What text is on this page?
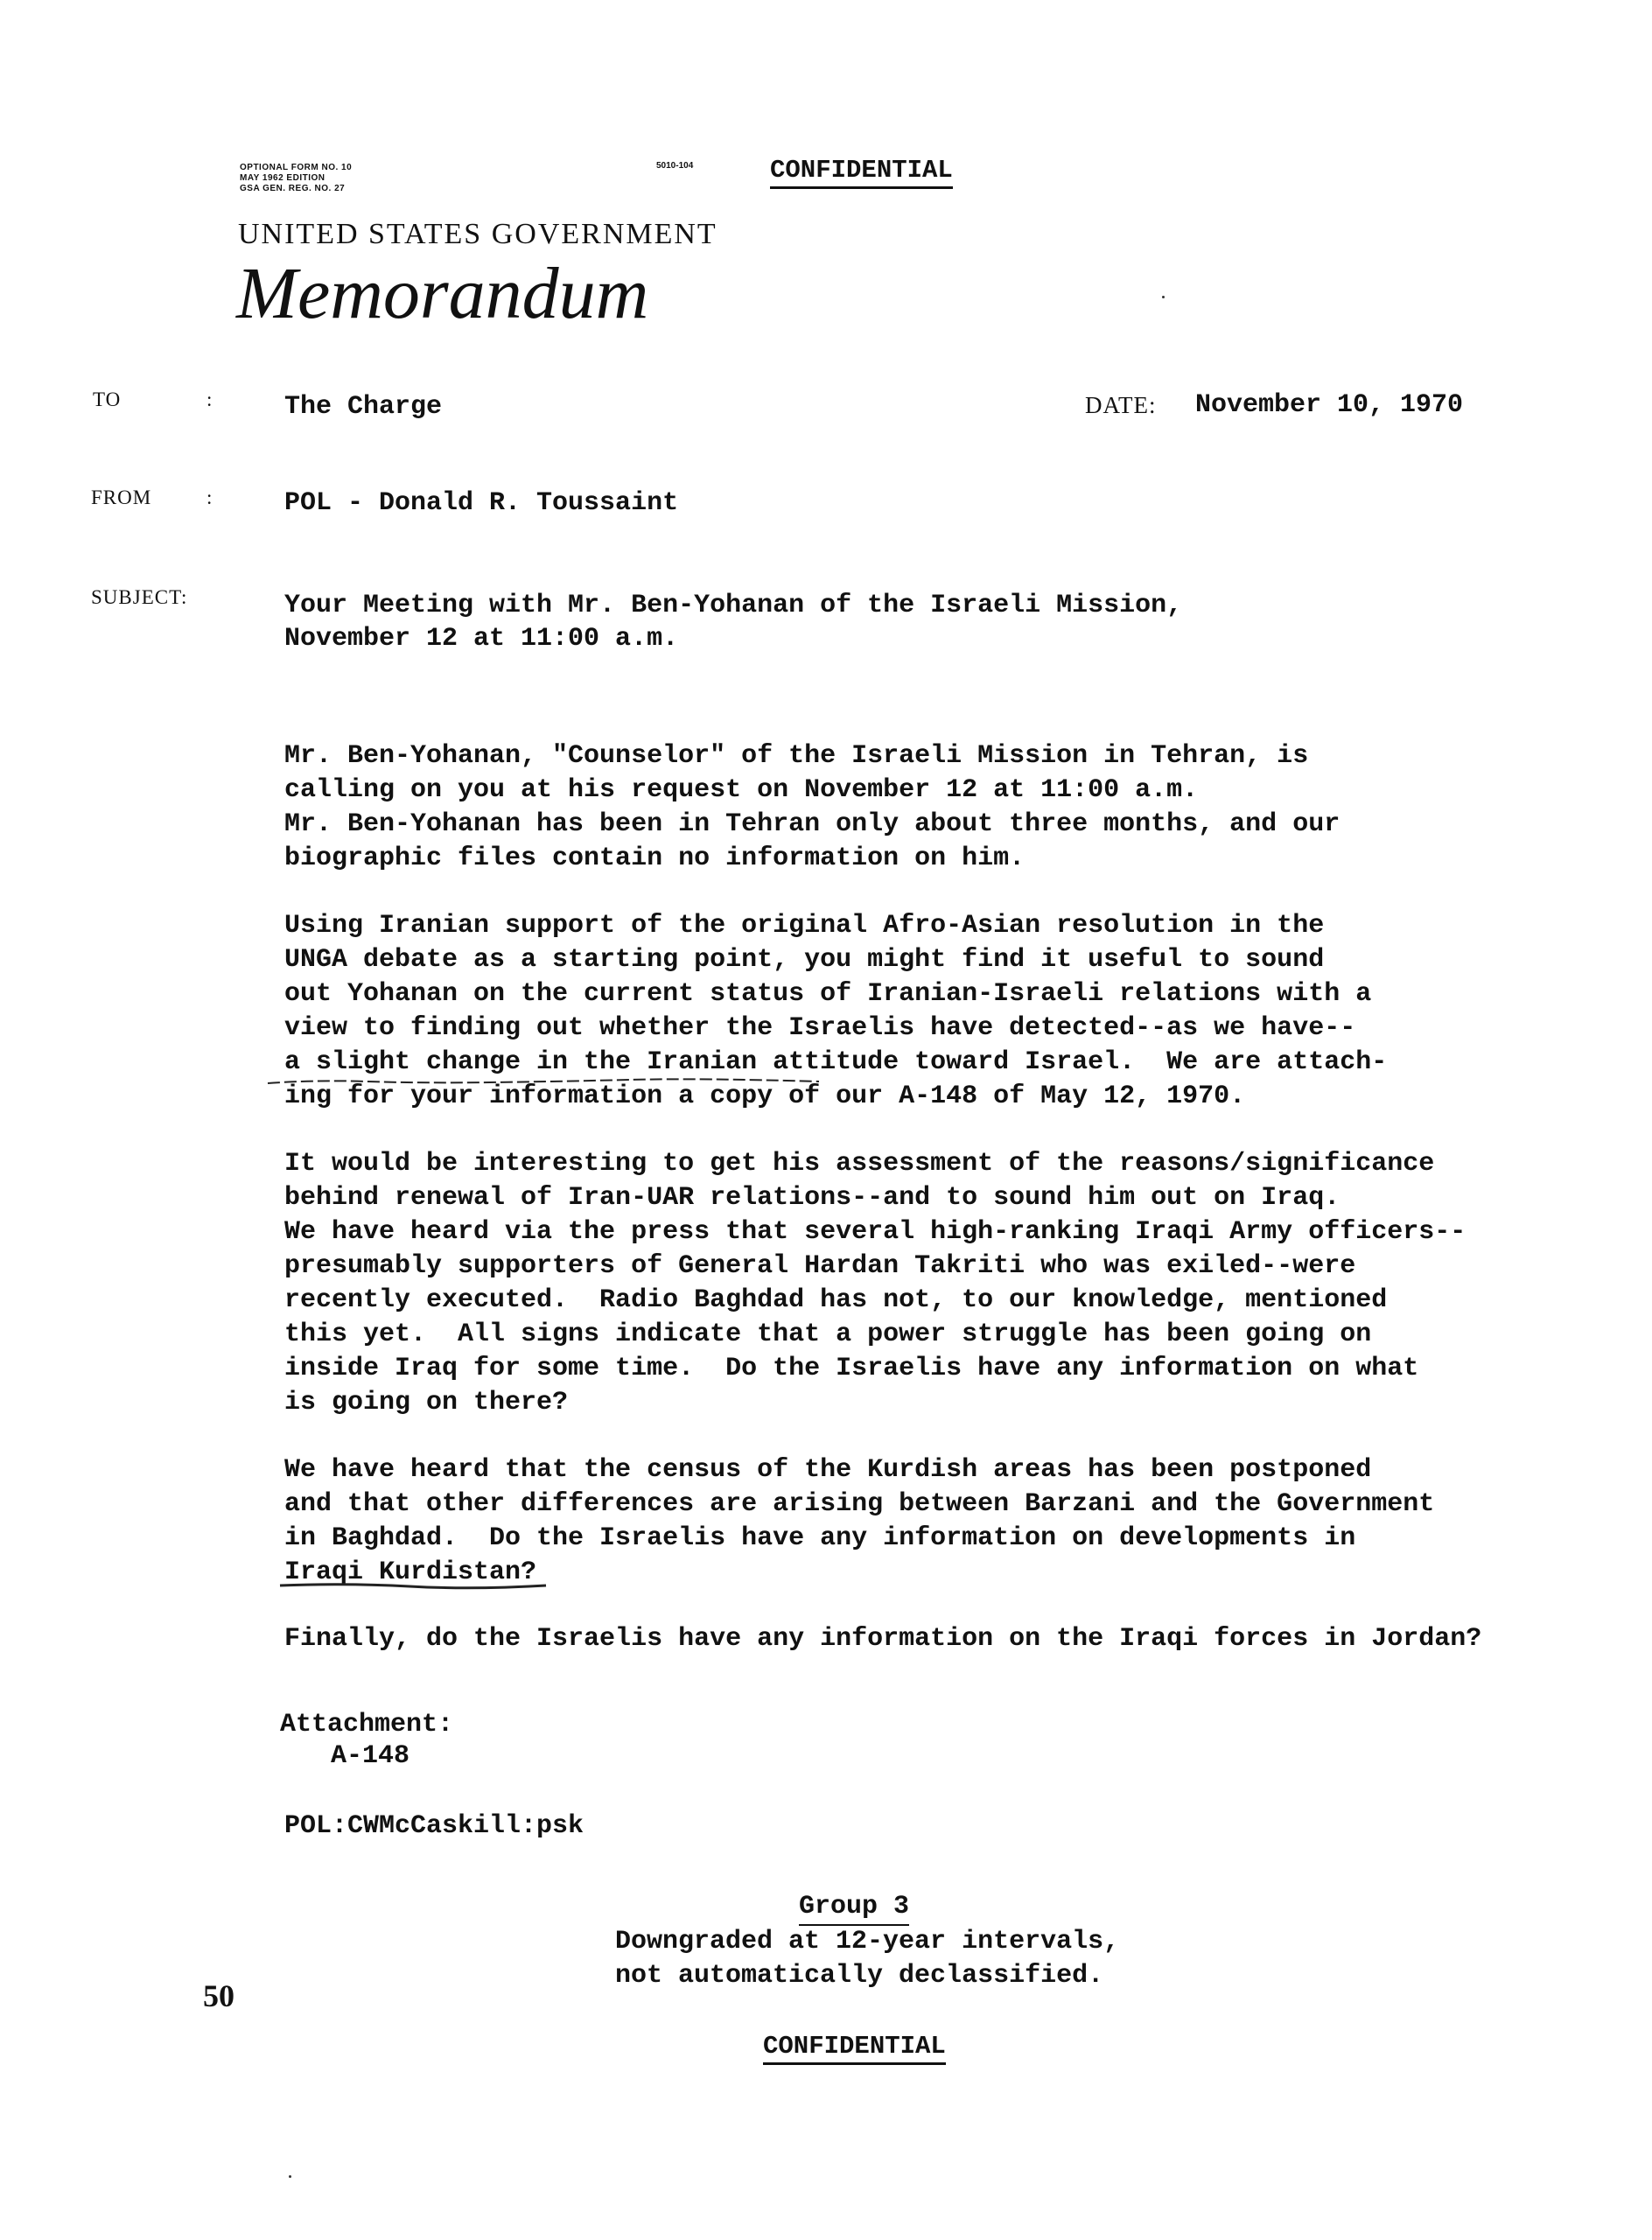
OPTIONAL FORM NO. 10
MAY 1962 EDITION
GSA GEN. REG. NO. 27
5010-104	CONFIDENTIAL
UNITED STATES GOVERNMENT
Memorandum
TO	:	The Charge	DATE: November 10, 1970
FROM	:	POL - Donald R. Toussaint
SUBJECT:	Your Meeting with Mr. Ben-Yohanan of the Israeli Mission,
November 12 at 11:00 a.m.
Mr. Ben-Yohanan, "Counselor" of the Israeli Mission in Tehran, is
calling on you at his request on November 12 at 11:00 a.m.
Mr. Ben-Yohanan has been in Tehran only about three months, and our
biographic files contain no information on him.
Using Iranian support of the original Afro-Asian resolution in the
UNGA debate as a starting point, you might find it useful to sound
out Yohanan on the current status of Iranian-Israeli relations with a
view to finding out whether the Israelis have detected--as we have--
a slight change in the Iranian attitude toward Israel.  We are attach-
ing for your information a copy of our A-148 of May 12, 1970.
It would be interesting to get his assessment of the reasons/significance
behind renewal of Iran-UAR relations--and to sound him out on Iraq.
We have heard via the press that several high-ranking Iraqi Army officers--
presumably supporters of General Hardan Takriti who was exiled--were
recently executed.  Radio Baghdad has not, to our knowledge, mentioned
this yet.  All signs indicate that a power struggle has been going on
inside Iraq for some time.  Do the Israelis have any information on what
is going on there?
We have heard that the census of the Kurdish areas has been postponed
and that other differences are arising between Barzani and the Government
in Baghdad.  Do the Israelis have any information on developments in
Iraqi Kurdistan?
Finally, do the Israelis have any information on the Iraqi forces in Jordan?
Attachment:
A-148
POL:CWMcCaskill:psk
Group 3
Downgraded at 12-year intervals,
not automatically declassified.
50
CONFIDENTIAL
